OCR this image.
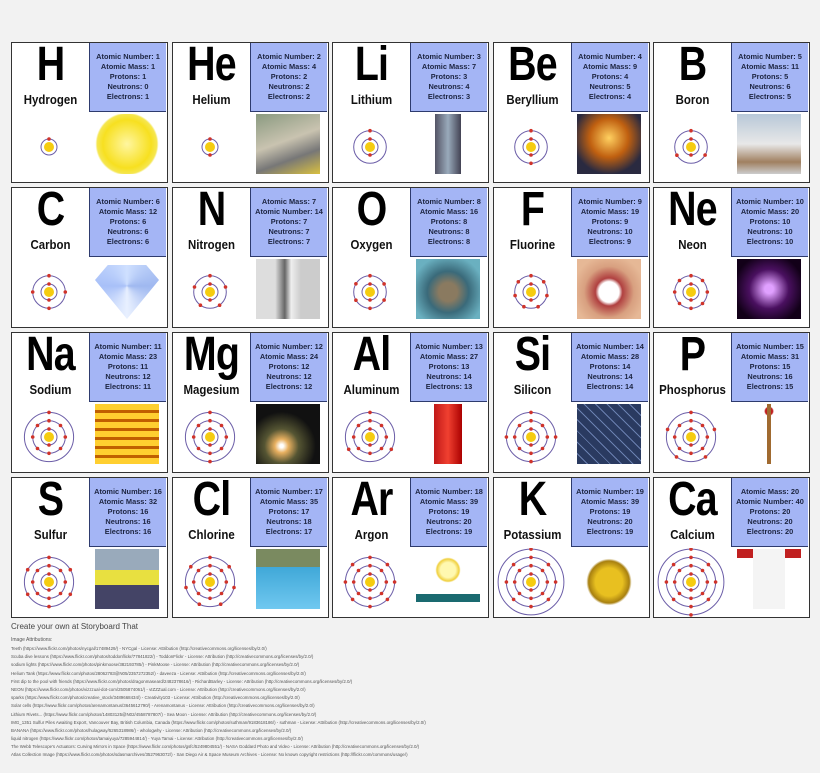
H
Hydrogen
Atomic Number: 1
Atomic Mass: 1
Protons: 1
Neutrons: 0
Electrons: 1
He
Helium
Atomic Number: 2
Atomic Mass: 4
Protons: 2
Neutrons: 2
Electrons: 2
Li
Lithium
Atomic Number: 3
Atomic Mass: 7
Protons: 3
Neutrons: 4
Electrons: 3
Be
Beryllium
Atomic Number: 4
Atomic Mass: 9
Protons: 4
Neutrons: 5
Electrons: 4
B
Boron
Atomic Number: 5
Atomic Mass: 11
Protons: 5
Neutrons: 6
Electrons: 5
C
Carbon
Atomic Number: 6
Atomic Mass: 12
Protons: 6
Neutrons: 6
Electrons: 6
N
Nitrogen
Atomic Mass: 7
Atomic Number: 14
Protons: 7
Neutrons: 7
Electrons: 7
O
Oxygen
Atomic Number: 8
Atomic Mass: 16
Protons: 8
Neutrons: 8
Electrons: 8
F
Fluorine
Atomic Number: 9
Atomic Mass: 19
Protons: 9
Neutrons: 10
Electrons: 9
Ne
Neon
Atomic Number: 10
Atomic Mass: 20
Protons: 10
Neutrons: 10
Electrons: 10
Na
Sodium
Atomic Number: 11
Atomic Mass: 23
Protons: 11
Neutrons: 12
Electrons: 11
Mg
Magesium
Atomic Number: 12
Atomic Mass: 24
Protons: 12
Neutrons: 12
Electrons: 12
Al
Aluminum
Atomic Number: 13
Atomic Mass: 27
Protons: 13
Neutrons: 14
Electrons: 13
Si
Silicon
Atomic Number: 14
Atomic Mass: 28
Protons: 14
Neutrons: 14
Electrons: 14
P
Phosphorus
Atomic Number: 15
Atomic Mass: 31
Protons: 15
Neutrons: 16
Electrons: 15
S
Sulfur
Atomic Number: 16
Atomic Mass: 32
Protons: 16
Neutrons: 16
Electrons: 16
Cl
Chlorine
Atomic Number: 17
Atomic Mass: 35
Protons: 17
Neutrons: 18
Electrons: 17
Ar
Argon
Atomic Number: 18
Atomic Mass: 39
Protons: 19
Neutrons: 20
Electrons: 19
K
Potassium
Atomic Number: 19
Atomic Mass: 39
Protons: 19
Neutrons: 20
Electrons: 19
Ca
Calcium
Atomic Mass: 20
Atomic Number: 40
Protons: 20
Neutrons: 20
Electrons: 20
Create your own at Storyboard That
Image Attributions:
Teeth (https://www.flickr.com/photos/nycgal/17489429/) - NYCgal - License: Attribution (http://creativecommons.org/licenses/by/2.0/)
Scuba dive lessons (https://www.flickr.com/photos/toddonflickr/77841822/) - ToddonFlickr - License: Attribution (http://creativecommons.org/licenses/by/2.0/)
sodium lights (https://www.flickr.com/photos/pinkmoose/382193785/) - PinkMoose - License: Attribution (http://creativecommons.org/licenses/by/2.0/)
Helium Tank (https://www.flickr.com/photos/28062783@N05/2357272352/) - daveeza - License: Attribution (http://creativecommons.org/licenses/by/2.0/)
First dip to the pool with friends (https://www.flickr.com/photos/dragonmaseard/2482378616/) - RichardBarley - License: Attribution (http://creativecommons.org/licenses/by/2.0/)
NEON (https://www.flickr.com/photos/vizzzual-dot-com/2505874061/) - vIZZZual.com - License: Attribution (http://creativecommons.org/licenses/by/2.0/)
sparks (https://www.flickr.com/photos/creative_stock/3489668434/) - Creativity103 - License: Attribution (http://creativecommons.org/licenses/by/2.0/)
Solar cells (https://www.flickr.com/photos/arenamontanus/3645612790/) - Arenamontanus - License: Attribution (http://creativecommons.org/licenses/by/2.0/)
Lithium Rivets... (https://www.flickr.com/photos/14803125@N02/4558787807/) - Sea Moon - License: Attribution (http://creativecommons.org/licenses/by/2.0/)
IMG_1351 Sulfur Piles Awaiting Export, Vancouver Bay, British Columbia, Canada (https://www.flickr.com/photos/suthman/9183618186/) - suthman - License: Attribution (http://creativecommons.org/licenses/by/2.0/)
BANANA (https://www.flickr.com/photos/hulagway/5265318986/) - whologwhy - License: Attribution (http://creativecommons.org/licenses/by/2.0/)
liquid nitrogen (https://www.flickr.com/photos/tamaiyuya/7285944814/) - Yuya Tamai - License: Attribution (http://creativecommons.org/licenses/by/2.0/)
The Webb Telescope's Actuators: Curving Mirrors in Space (https://www.flickr.com/photos/gsfc/5249804551/) - NASA Goddard Photo and Video - License: Attribution (http://creativecommons.org/licenses/by/2.0/)
Atlas Collection Image (https://www.flickr.com/photos/sdasmarchives/3527963072/) - San Diego Air & Space Museum Archives - License: No known copyright restrictions (http://flickr.com/commons/usage/)
